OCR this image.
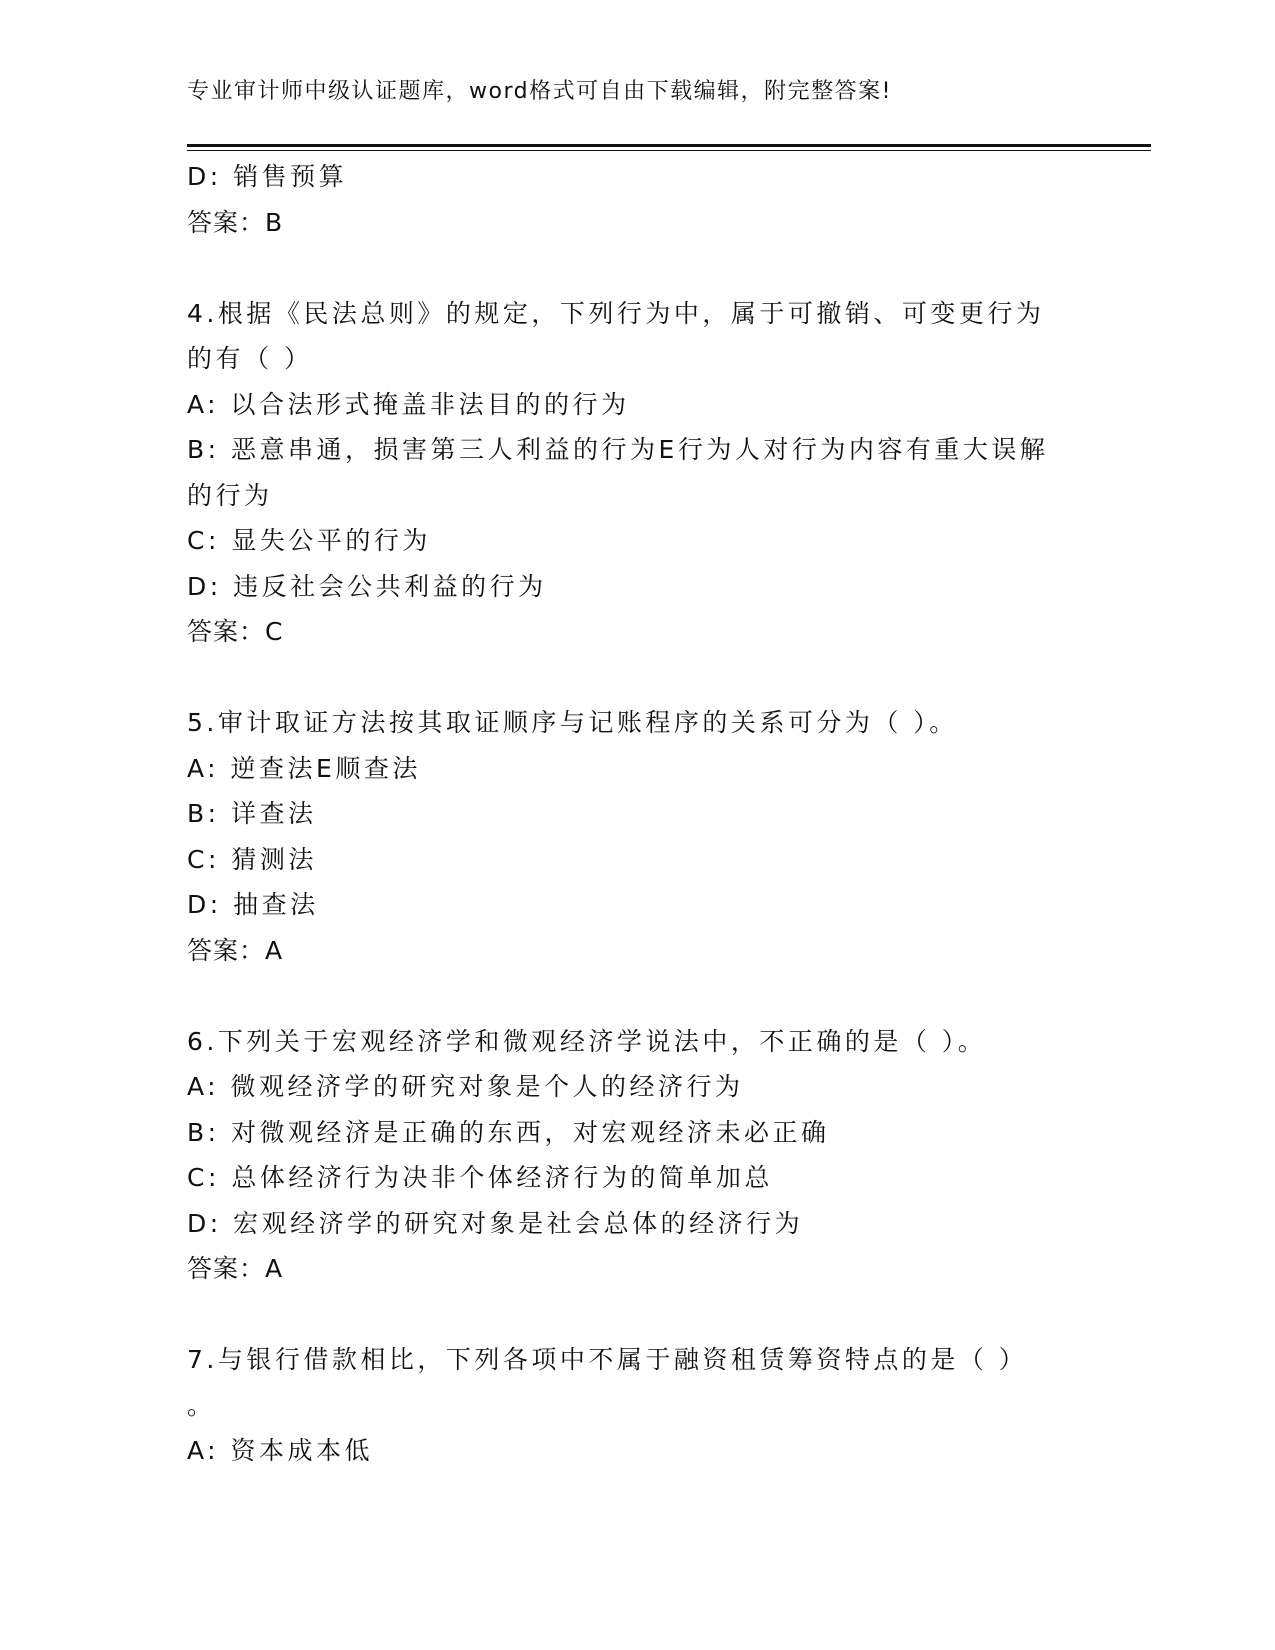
专业审计师中级认证题库，word格式可自由下载编辑，附完整答案!
D: 销售预算
答案：B
4.根据《民法总则》的规定，下列行为中，属于可撤销、可变更行为
的有（ ）
A: 以合法形式掩盖非法目的的行为
B: 恶意串通，损害第三人利益的行为E行为人对行为内容有重大误解
的行为
C: 显失公平的行为
D: 违反社会公共利益的行为
答案：C
5.审计取证方法按其取证顺序与记账程序的关系可分为（ ）。
A: 逆查法E顺查法
B: 详查法
C: 猜测法
D: 抽查法
答案：A
6.下列关于宏观经济学和微观经济学说法中，不正确的是（ ）。
A: 微观经济学的研究对象是个人的经济行为
B: 对微观经济是正确的东西，对宏观经济未必正确
C: 总体经济行为决非个体经济行为的简单加总
D: 宏观经济学的研究对象是社会总体的经济行为
答案：A
7.与银行借款相比，下列各项中不属于融资租赁筹资特点的是（ ）
。
A: 资本成本低
